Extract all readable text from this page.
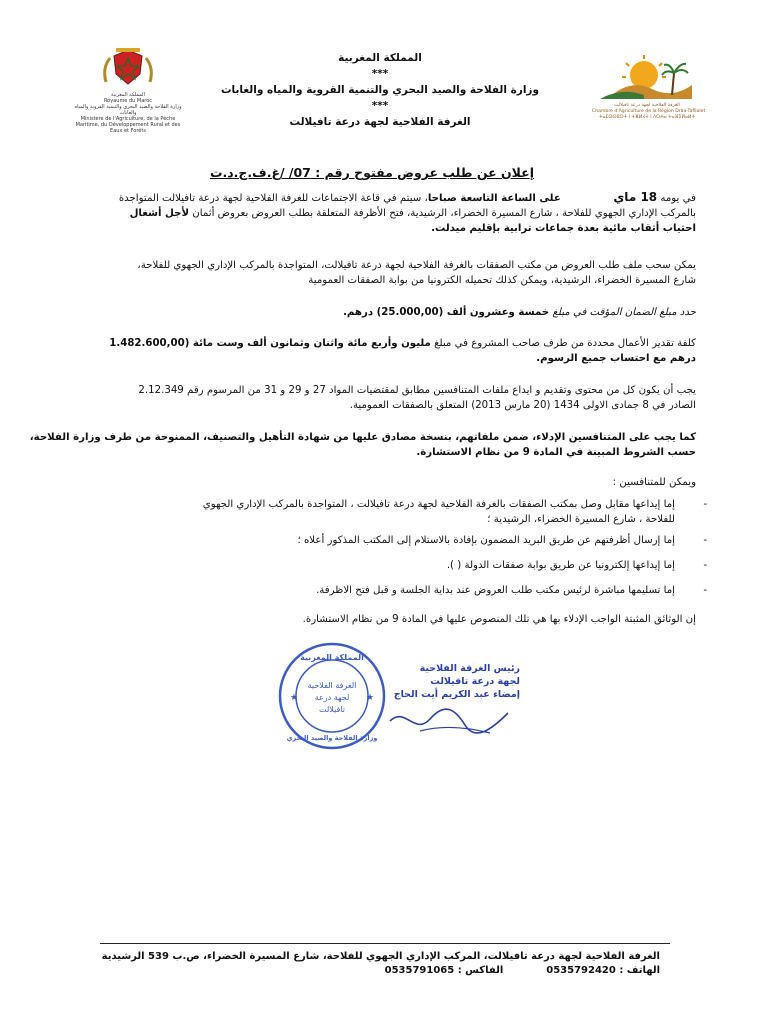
المملكة المغربية
Royaume du Maroc
وزارة الفلاحة والصيد البحري والتنمية القروية والمياه والغابات
Ministère de l'Agriculture, de la Pêche Maritime, du Développement Rural et des Eaux et Forêts
المملكة المغربية
***
وزارة الفلاحة والصيد البحري والتنمية القروية والمياه والغابات
***
الغرفة الفلاحية لجهة درعة تافيلالت
الغرفة الفلاحية لجهة درعة تافيلالت
Chambre d'Agriculture de la Région Drâa-Tafilalet
ⵜⴰⵎⵙⵙⵓⵔⵜ ⵏ ⵜⴼⵍⵃⵜ ⵏ ⴷⵔⵄⴰ ⵜⴰⴼⵉⵍⴰⵍⵜ
إعلان عن طلب عروض مفتوح رقم : 07/ /غ.ف.ج.د.ت
في يومه 18 ماي  على الساعة التاسعة صباحا، سيتم في قاعة الاجتماعات للغرفة الفلاحية لجهة درعة تافيلالت المتواجدة
بالمركب الإداري الجهوي للفلاحة ، شارع المسيرة الخضراء، الرشيدية، فتح الأظرفة المتعلقة بطلب العروض بعروض أثمان لأجل أشغال
احتياب أثقاب مائية بعدة جماعات ترابية بإقليم ميدلت.
يمكن سحب ملف طلب العروض من مكتب الصفقات بالغرفة الفلاحية لجهة درعة تافيلالت، المتواجدة بالمركب الإداري الجهوي للفلاحة،
شارع المسيرة الخضراء، الرشيدية، ويمكن كذلك تحميله الكترونيا من بوابة الصفقات العمومية
حدد مبلغ الضمان المؤقت في مبلغ خمسة وعشرون ألف (25.000,00) درهم.
كلفة تقدير الأعمال محددة من طرف صاحب المشروع في مبلغ مليون وأربع مائة واثنان وثمانون ألف وست مائة (1.482.600,00
درهم مع احتساب جميع الرسوم.
يجب أن يكون كل من محتوى وتقديم و ايداع ملفات المتنافسين مطابق لمقتضيات المواد 27 و 29 و 31 من المرسوم رقم 2.12.349
الصادر في 8 جمادى الاولى 1434 (20 مارس 2013) المتعلق بالصفقات العمومية.
كما يجب على المتنافسين الإدلاء، ضمن ملفاتهم، بنسخة مصادق عليها من شهادة التأهيل والتصنيف، الممنوحة من طرف وزارة الفلاحة،
حسب الشروط المبينة في المادة 9 من نظام الاستشارة.
ويمكن للمتنافسين :
-
إما إيداعها مقابل وصل بمكتب الصفقات بالغرفة الفلاحية لجهة درعة تافيلالت ، المتواجدة بالمركب الإداري الجهوي
للفلاحة ، شارع المسيرة الخضراء، الرشيدية ؛
-
إما إرسال أظرفتهم عن طريق البريد المضمون بإفادة بالاستلام إلى المكتب المذكور أعلاه ؛
-
إما إيداعها إلكترونيا عن طريق بوابة صفقات الدولة ( ).
-
إما تسليمها مباشرة لرئيس مكتب طلب العروض عند بداية الجلسة و قبل فتح الاظرفة.
إن الوثائق المثبتة الواجب الإدلاء بها هي تلك المنصوص عليها في المادة 9 من نظام الاستشارة.
المملكة المغربية
الغرفة الفلاحية
لجهة درعة
تافيلالت
وزارة الفلاحة والصيد البحري
★	★
رئيس الغرفة الفلاحية
لجهة درعة تافيلالت
إمضاء عبد الكريم أيت الحاج
الغرفة الفلاحية لجهة درعة تافيلالت، المركب الإداري الجهوي للفلاحة، شارع المسيرة الخضراء، ص.ب 539 الرشيدية
الهاتف : 0535792420  الفاكس : 0535791065
